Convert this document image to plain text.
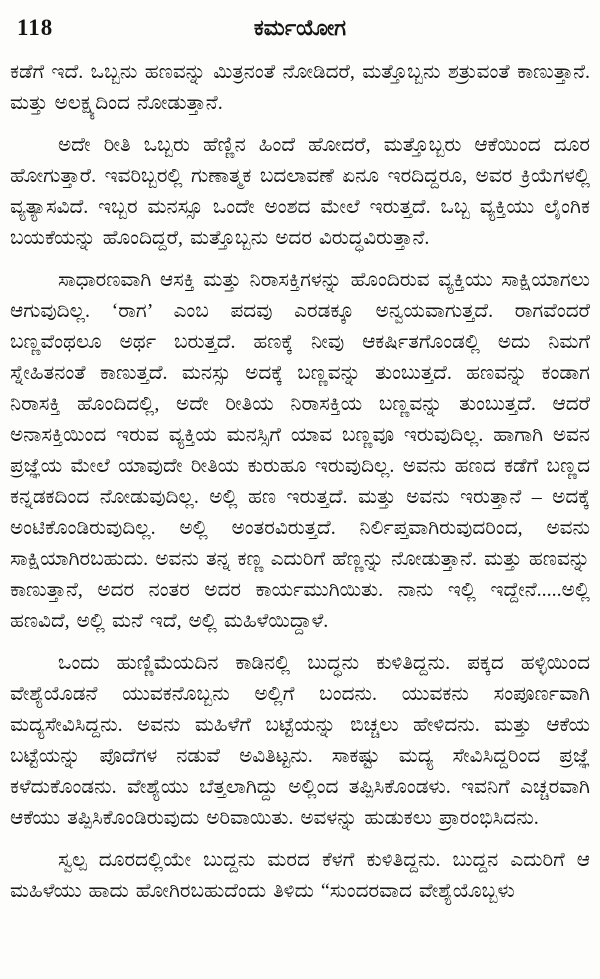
118	ಕರ್ಮಯೋಗ

ಕಡೆಗೆ ಇದೆ. ಒಬ್ಬನು ಹಣವನ್ನು ಮಿತ್ರನಂತೆ ನೋಡಿದರೆ, ಮತ್ತೊಬ್ಬನು ಶತ್ರುವಂತೆ ಕಾಣುತ್ತಾನೆ. ಮತ್ತು ಅಲಕ್ಷ್ಯದಿಂದ ನೋಡುತ್ತಾನೆ.

ಅದೇ ರೀತಿ ಒಬ್ಬರು ಹೆಣ್ಣಿನ ಹಿಂದೆ ಹೋದರೆ, ಮತ್ತೊಬ್ಬರು ಆಕೆಯಿಂದ ದೂರ ಹೋಗುತ್ತಾರೆ. ಇವರಿಬ್ಬರಲ್ಲಿ ಗುಣಾತ್ಮಕ ಬದಲಾವಣೆ ಏನೂ ಇರದಿದ್ದರೂ, ಅವರ ಕ್ರಿಯೆಗಳಲ್ಲಿ ವ್ಯತ್ಯಾಸವಿದೆ. ಇಬ್ಬರ ಮನಸ್ಸೂ ಒಂದೇ ಅಂಶದ ಮೇಲೆ ಇರುತ್ತದೆ. ಒಬ್ಬ ವ್ಯಕ್ತಿಯು ಲೈಂಗಿಕ ಬಯಕೆಯನ್ನು ಹೊಂದಿದ್ದರೆ, ಮತ್ತೊಬ್ಬನು ಅದರ ವಿರುದ್ಧವಿರುತ್ತಾನೆ.

ಸಾಧಾರಣವಾಗಿ ಆಸಕ್ತಿ ಮತ್ತು ನಿರಾಸಕ್ತಿಗಳನ್ನು ಹೊಂದಿರುವ ವ್ಯಕ್ತಿಯು ಸಾಕ್ಷಿಯಾಗಲು ಆಗುವುದಿಲ್ಲ. ‘ರಾಗ’ ಎಂಬ ಪದವು ಎರಡಕ್ಕೂ ಅನ್ವಯವಾಗುತ್ತದೆ. ರಾಗವೆಂದರೆ ಬಣ್ಣವೆಂಥಲೂ ಅರ್ಥ ಬರುತ್ತದೆ. ಹಣಕ್ಕೆ ನೀವು ಆಕರ್ಷಿತಗೊಂಡಲ್ಲಿ ಅದು ನಿಮಗೆ ಸ್ನೇಹಿತನಂತೆ ಕಾಣುತ್ತದೆ. ಮನಸ್ಸು ಅದಕ್ಕೆ ಬಣ್ಣವನ್ನು ತುಂಬುತ್ತದೆ. ಹಣವನ್ನು ಕಂಡಾಗ ನಿರಾಸಕ್ತಿ ಹೊಂದಿದಲ್ಲಿ, ಅದೇ ರೀತಿಯ ನಿರಾಸಕ್ತಿಯ ಬಣ್ಣವನ್ನು ತುಂಬುತ್ತದೆ. ಆದರೆ ಅನಾಸಕ್ತಿಯಿಂದ ಇರುವ ವ್ಯಕ್ತಿಯ ಮನಸ್ಸಿಗೆ ಯಾವ ಬಣ್ಣವೂ ಇರುವುದಿಲ್ಲ. ಹಾಗಾಗಿ ಅವನ ಪ್ರಜ್ಞೆಯ ಮೇಲೆ ಯಾವುದೇ ರೀತಿಯ ಕುರುಹೂ ಇರುವುದಿಲ್ಲ. ಅವನು ಹಣದ ಕಡೆಗೆ ಬಣ್ಣದ ಕನ್ನಡಕದಿಂದ ನೋಡುವುದಿಲ್ಲ. ಅಲ್ಲಿ ಹಣ ಇರುತ್ತದೆ. ಮತ್ತು ಅವನು ಇರುತ್ತಾನೆ – ಅದಕ್ಕೆ ಅಂಟಿಕೊಂಡಿರುವುದಿಲ್ಲ. ಅಲ್ಲಿ ಅಂತರವಿರುತ್ತದೆ. ನಿರ್ಲಿಪ್ತವಾಗಿರುವುದರಿಂದ, ಅವನು ಸಾಕ್ಷಿಯಾಗಿರಬಹುದು. ಅವನು ತನ್ನ ಕಣ್ಣ ಎದುರಿಗೆ ಹೆಣ್ಣನ್ನು ನೋಡುತ್ತಾನೆ. ಮತ್ತು ಹಣವನ್ನು ಕಾಣುತ್ತಾನೆ, ಅದರ ನಂತರ ಅದರ ಕಾರ್ಯಮುಗಿಯಿತು. ನಾನು ಇಲ್ಲಿ ಇದ್ದೇನೆ.....ಅಲ್ಲಿ ಹಣವಿದೆ, ಅಲ್ಲಿ ಮನೆ ಇದೆ, ಅಲ್ಲಿ ಮಹಿಳೆಯಿದ್ದಾಳೆ.

ಒಂದು ಹುಣ್ಣಿಮೆಯದಿನ ಕಾಡಿನಲ್ಲಿ ಬುದ್ಧನು ಕುಳಿತಿದ್ದನು. ಪಕ್ಕದ ಹಳ್ಳಿಯಿಂದ ವೇಶ್ಯೆಯೊಡನೆ ಯುವಕನೊಬ್ಬನು ಅಲ್ಲಿಗೆ ಬಂದನು. ಯುವಕನು ಸಂಪೂರ್ಣವಾಗಿ ಮದ್ಯಸೇವಿಸಿದ್ದನು. ಅವನು ಮಹಿಳೆಗೆ ಬಟ್ಟೆಯನ್ನು ಬಿಚ್ಚಲು ಹೇಳಿದನು. ಮತ್ತು ಆಕೆಯ ಬಟ್ಟೆಯನ್ನು ಪೊದೆಗಳ ನಡುವೆ ಅವಿತಿಟ್ಟನು. ಸಾಕಷ್ಟು ಮದ್ಯ ಸೇವಿಸಿದ್ದರಿಂದ ಪ್ರಜ್ಞೆ ಕಳೆದುಕೊಂಡನು. ವೇಶ್ಯೆಯು ಬೆತ್ತಲಾಗಿದ್ದು ಅಲ್ಲಿಂದ ತಪ್ಪಿಸಿಕೊಂಡಳು. ಇವನಿಗೆ ಎಚ್ಚರವಾಗಿ ಆಕೆಯು ತಪ್ಪಿಸಿಕೊಂಡಿರುವುದು ಅರಿವಾಯಿತು. ಅವಳನ್ನು ಹುಡುಕಲು ಪ್ರಾರಂಭಿಸಿದನು.

ಸ್ವಲ್ಪ ದೂರದಲ್ಲಿಯೇ ಬುದ್ದನು ಮರದ ಕೆಳಗೆ ಕುಳಿತಿದ್ದನು. ಬುದ್ದನ ಎದುರಿಗೆ ಆ ಮಹಿಳೆಯು ಹಾದು ಹೋಗಿರಬಹುದೆಂದು ತಿಳಿದು “ಸುಂದರವಾದ ವೇಶ್ಯೆಯೊಬ್ಬಳು
